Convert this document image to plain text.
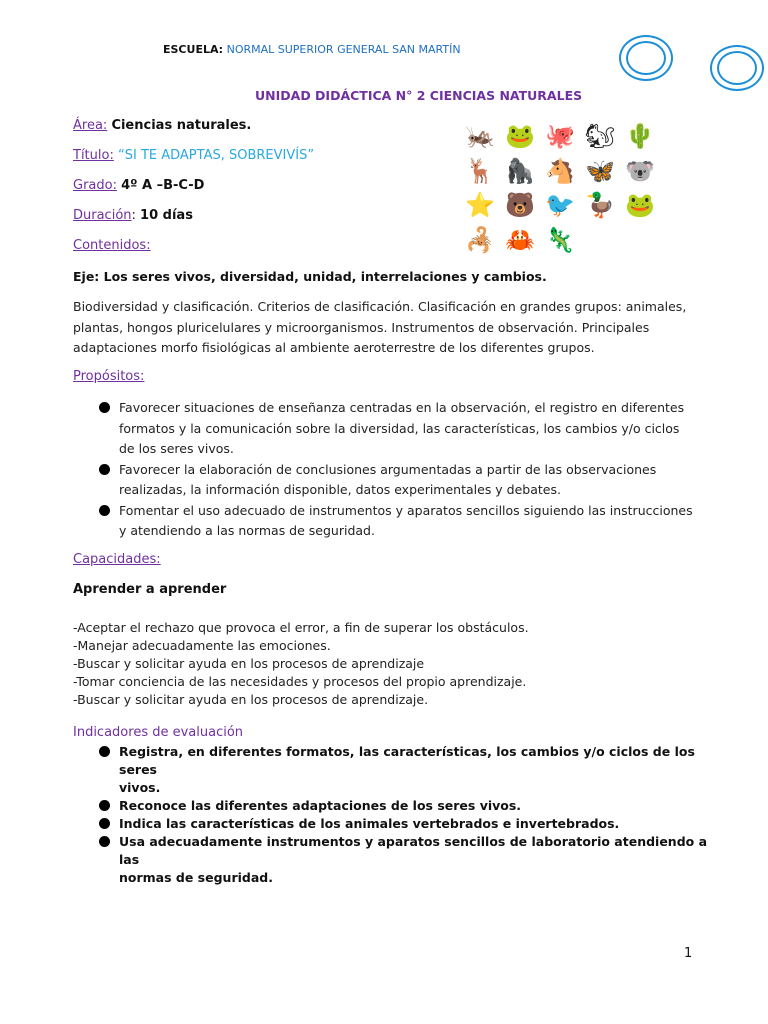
ESCUELA: NORMAL SUPERIOR GENERAL SAN MARTÍN
UNIDAD DIDÁCTICA N° 2 CIENCIAS NATURALES
🦗 🐸 🐙 🐿 🌵
🦌 🦍 🐴 🦋 🐨
⭐ 🐻 🐦 🦆 🐸
🦂 🦀 🦎
Área: Ciencias naturales.
Título: “SI TE ADAPTAS, SOBREVIVÍS”
Grado: 4º A –B-C-D
Duración: 10 días
Contenidos:
Eje: Los seres vivos, diversidad, unidad, interrelaciones y cambios.
Biodiversidad y clasificación. Criterios de clasificación. Clasificación en grandes grupos: animales,
plantas, hongos pluricelulares y microorganismos. Instrumentos de observación. Principales
adaptaciones morfo fisiológicas al ambiente aeroterrestre de los diferentes grupos.
Propósitos:
Favorecer situaciones de enseñanza centradas en la observación, el registro en diferentes
formatos y la comunicación sobre la diversidad, las características, los cambios y/o ciclos
de los seres vivos.
Favorecer la elaboración de conclusiones argumentadas a partir de las observaciones
realizadas, la información disponible, datos experimentales y debates.
Fomentar el uso adecuado de instrumentos y aparatos sencillos siguiendo las instrucciones
y atendiendo a las normas de seguridad.
Capacidades:
Aprender a aprender
-Aceptar el rechazo que provoca el error, a fin de superar los obstáculos.
-Manejar adecuadamente las emociones.
-Buscar y solicitar ayuda en los procesos de aprendizaje
-Tomar conciencia de las necesidades y procesos del propio aprendizaje.
-Buscar y solicitar ayuda en los procesos de aprendizaje.
Indicadores de evaluación
Registra, en diferentes formatos, las características, los cambios y/o ciclos de los seres
vivos.
Reconoce las diferentes adaptaciones de los seres vivos.
Indica las características de los animales vertebrados e invertebrados.
Usa adecuadamente instrumentos y aparatos sencillos de laboratorio atendiendo a las
normas de seguridad.
1
